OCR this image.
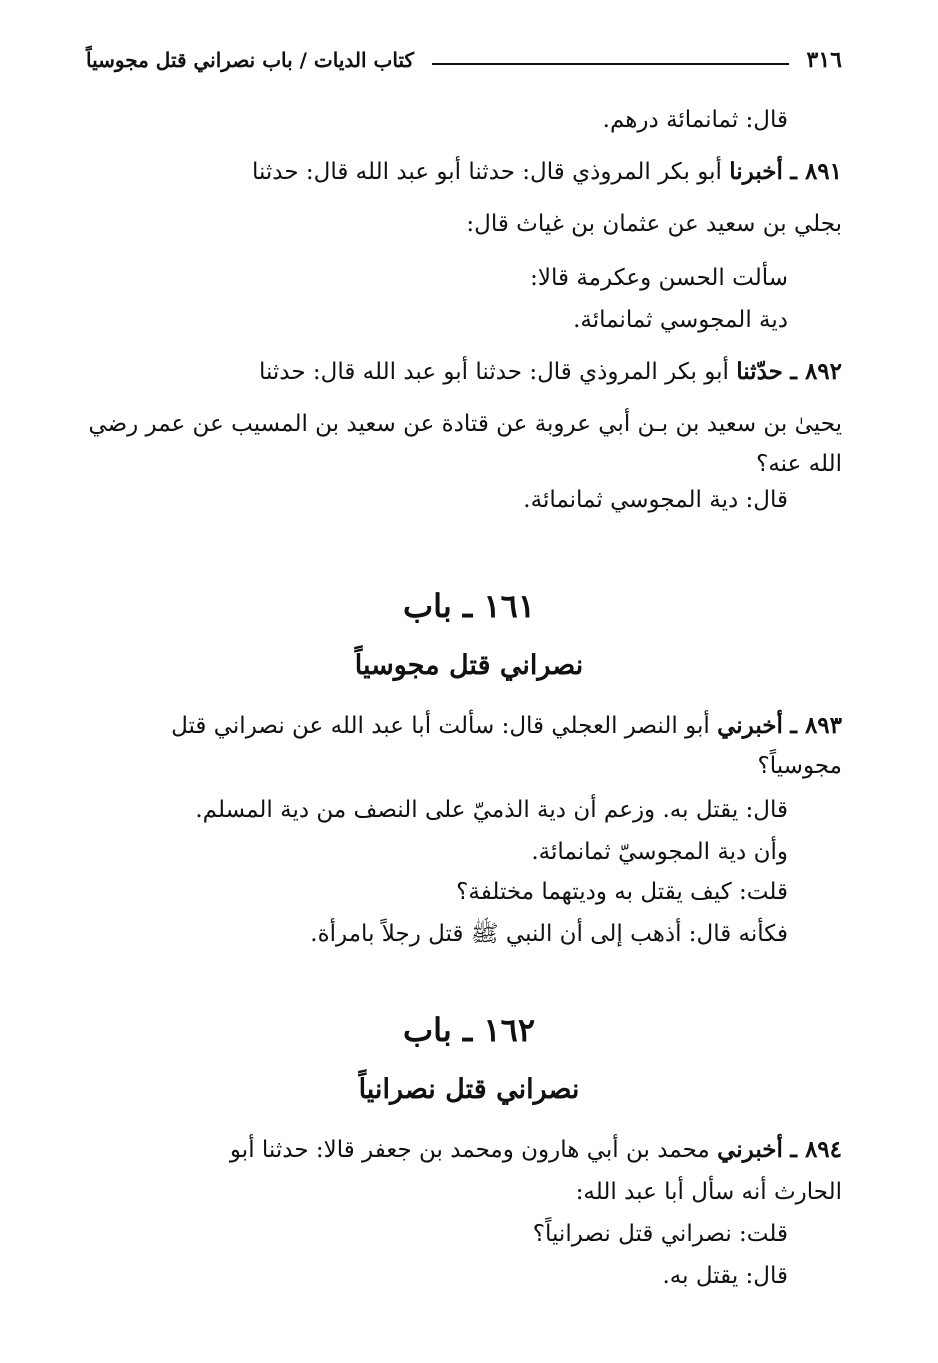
٣١٦
كتاب الديات / باب نصراني قتل مجوسياً
قال: ثمانمائة درهم.
٨٩١ ـ أخبرنا أبو بكر المروذي قال: حدثنا أبو عبد الله قال: حدثنا
بجلي بن سعيد عن عثمان بن غياث قال:
سألت الحسن وعكرمة قالا:
دية المجوسي ثمانمائة.
٨٩٢ ـ حدّثنا أبو بكر المروذي قال: حدثنا أبو عبد الله قال: حدثنا
يحيىٰ بن سعيد بن بـن أبي عروبة عن قتادة عن سعيد بن المسيب عن عمر رضي
الله عنه؟
قال: دية المجوسي ثمانمائة.
١٦١ ـ باب
نصراني قتل مجوسياً
٨٩٣ ـ أخبرني أبو النصر العجلي قال: سألت أبا عبد الله عن نصراني قتل
مجوسياً؟
قال: يقتل به. وزعم أن دية الذميّ على النصف من دية المسلم.
وأن دية المجوسيّ ثمانمائة.
قلت: كيف يقتل به وديتهما مختلفة؟
فكأنه قال: أذهب إلى أن النبي ﷺ قتل رجلاً بامرأة.
١٦٢ ـ باب
نصراني قتل نصرانياً
٨٩٤ ـ أخبرني محمد بن أبي هارون ومحمد بن جعفر قالا: حدثنا أبو
الحارث أنه سأل أبا عبد الله:
قلت: نصراني قتل نصرانياً؟
قال: يقتل به.
